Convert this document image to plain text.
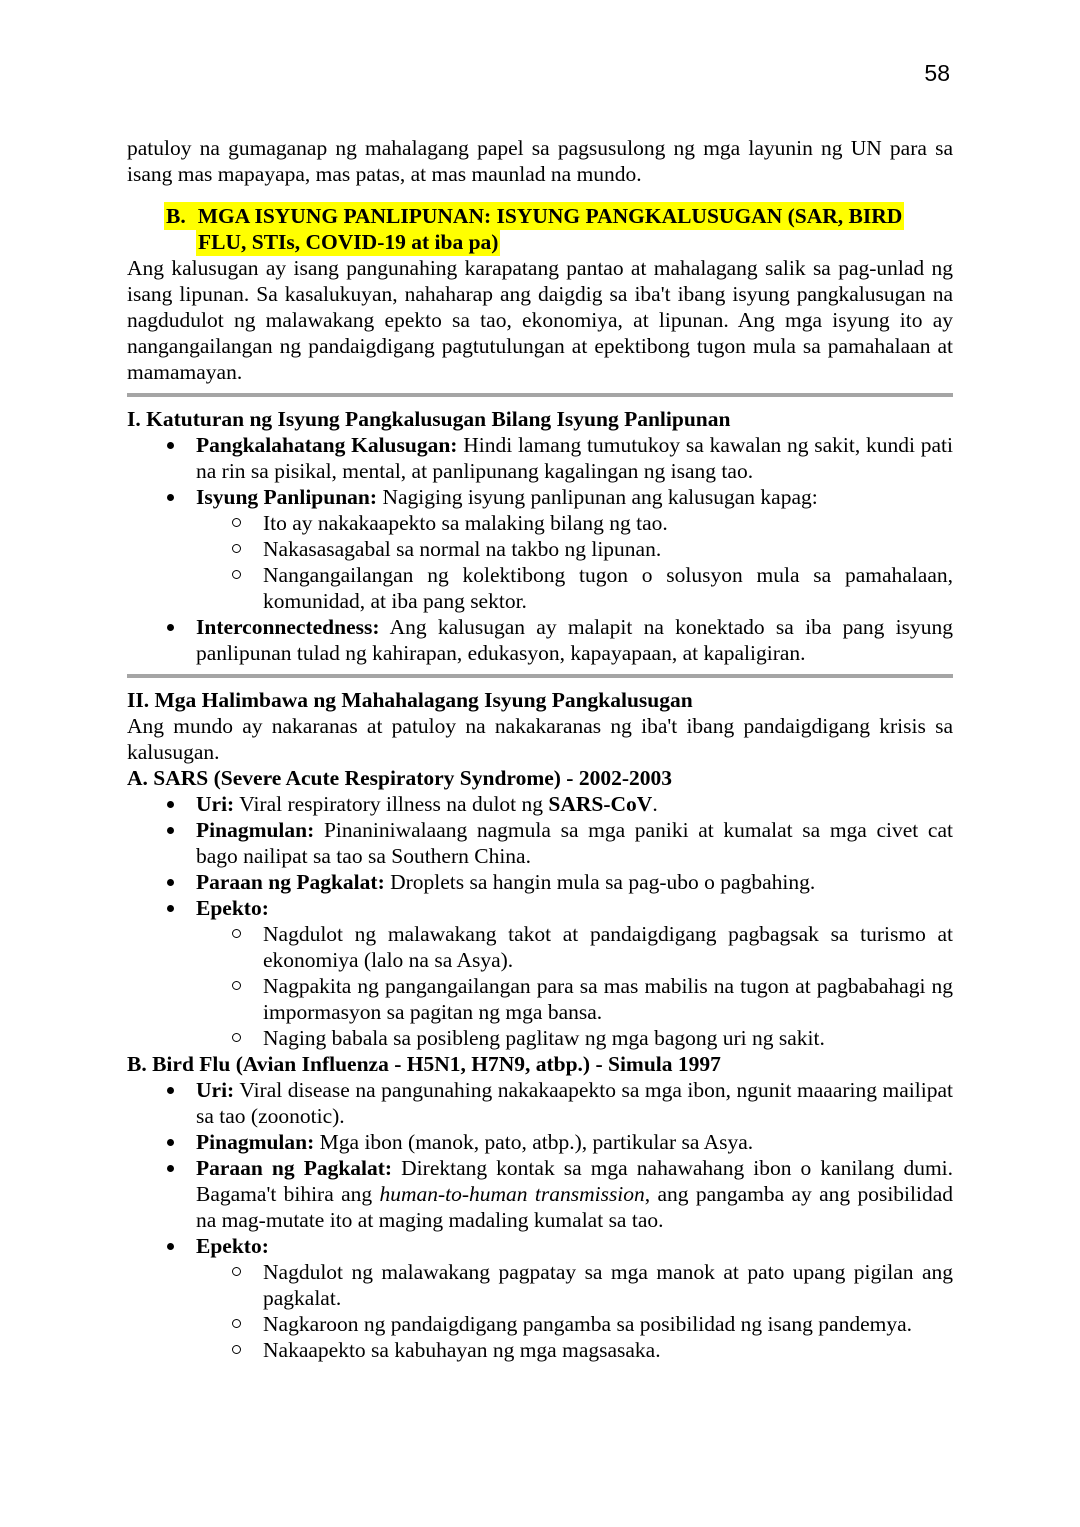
58

patuloy na gumaganap ng mahalagang papel sa pagsusulong ng mga layunin ng UN para sa isang mas mapayapa, mas patas, at mas maunlad na mundo.

B. MGA ISYUNG PANLIPUNAN: ISYUNG PANGKALUSUGAN (SAR, BIRD
FLU, STIs, COVID-19 at iba pa)

Ang kalusugan ay isang pangunahing karapatang pantao at mahalagang salik sa pag-unlad ng isang lipunan. Sa kasalukuyan, nahaharap ang daigdig sa iba't ibang isyung pangkalusugan na nagdudulot ng malawakang epekto sa tao, ekonomiya, at lipunan. Ang mga isyung ito ay nangangailangan ng pandaigdigang pagtutulungan at epektibong tugon mula sa pamahalaan at mamamayan.

I. Katuturan ng Isyung Pangkalusugan Bilang Isyung Panlipunan

Pangkalahatang Kalusugan: Hindi lamang tumutukoy sa kawalan ng sakit, kundi pati na rin sa pisikal, mental, at panlipunang kagalingan ng isang tao.
Isyung Panlipunan: Nagiging isyung panlipunan ang kalusugan kapag:
Ito ay nakakaapekto sa malaking bilang ng tao.
Nakasasagabal sa normal na takbo ng lipunan.
Nangangailangan ng kolektibong tugon o solusyon mula sa pamahalaan, komunidad, at iba pang sektor.
Interconnectedness: Ang kalusugan ay malapit na konektado sa iba pang isyung panlipunan tulad ng kahirapan, edukasyon, kapayapaan, at kapaligiran.

II. Mga Halimbawa ng Mahahalagang Isyung Pangkalusugan

Ang mundo ay nakaranas at patuloy na nakakaranas ng iba't ibang pandaigdigang krisis sa kalusugan.

A. SARS (Severe Acute Respiratory Syndrome) - 2002-2003

Uri: Viral respiratory illness na dulot ng SARS-CoV.
Pinagmulan: Pinaniniwalaang nagmula sa mga paniki at kumalat sa mga civet cat bago nailipat sa tao sa Southern China.
Paraan ng Pagkalat: Droplets sa hangin mula sa pag-ubo o pagbahing.
Epekto:
Nagdulot ng malawakang takot at pandaigdigang pagbagsak sa turismo at ekonomiya (lalo na sa Asya).
Nagpakita ng pangangailangan para sa mas mabilis na tugon at pagbabahagi ng impormasyon sa pagitan ng mga bansa.
Naging babala sa posibleng paglitaw ng mga bagong uri ng sakit.

B. Bird Flu (Avian Influenza - H5N1, H7N9, atbp.) - Simula 1997

Uri: Viral disease na pangunahing nakakaapekto sa mga ibon, ngunit maaaring mailipat sa tao (zoonotic).
Pinagmulan: Mga ibon (manok, pato, atbp.), partikular sa Asya.
Paraan ng Pagkalat: Direktang kontak sa mga nahawahang ibon o kanilang dumi. Bagama't bihira ang human-to-human transmission, ang pangamba ay ang posibilidad na mag-mutate ito at maging madaling kumalat sa tao.
Epekto:
Nagdulot ng malawakang pagpatay sa mga manok at pato upang pigilan ang pagkalat.
Nagkaroon ng pandaigdigang pangamba sa posibilidad ng isang pandemya.
Nakaapekto sa kabuhayan ng mga magsasaka.
